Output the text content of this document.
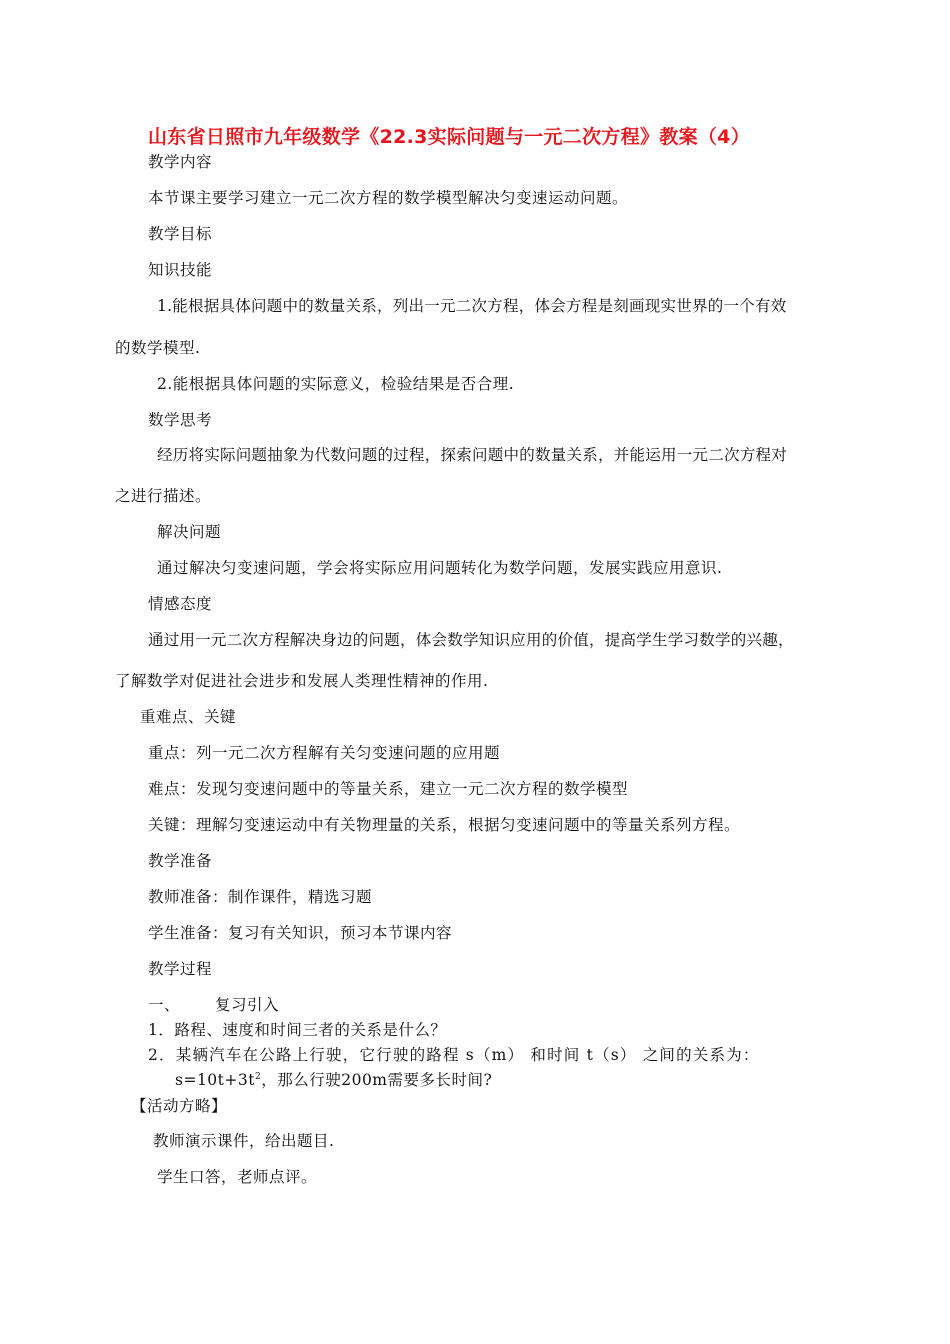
山东省日照市九年级数学《22.3实际问题与一元二次方程》教案（4）
教学内容
本节课主要学习建立一元二次方程的数学模型解决匀变速运动问题。
教学目标
知识技能
1.能根据具体问题中的数量关系，列出一元二次方程，体会方程是刻画现实世界的一个有效
的数学模型.
2.能根据具体问题的实际意义，检验结果是否合理.
数学思考
经历将实际问题抽象为代数问题的过程，探索问题中的数量关系，并能运用一元二次方程对
之进行描述。
解决问题
通过解决匀变速问题，学会将实际应用问题转化为数学问题，发展实践应用意识.
情感态度
通过用一元二次方程解决身边的问题，体会数学知识应用的价值，提高学生学习数学的兴趣，
了解数学对促进社会进步和发展人类理性精神的作用.
重难点、关键
重点：列一元二次方程解有关匀变速问题的应用题
难点：发现匀变速问题中的等量关系，建立一元二次方程的数学模型
关键：理解匀变速运动中有关物理量的关系，根据匀变速问题中的等量关系列方程。
教学准备
教师准备：制作课件，精选习题
学生准备：复习有关知识，预习本节课内容
教学过程
一、 复习引入
1．路程、速度和时间三者的关系是什么？
2．某辆汽车在公路上行驶，它行驶的路程 s（m） 和时间 t（s） 之间的关系为：
$s=10t+3t^2$，那么行驶200m需要多长时间?
【活动方略】
教师演示课件，给出题目.
学生口答，老师点评。
